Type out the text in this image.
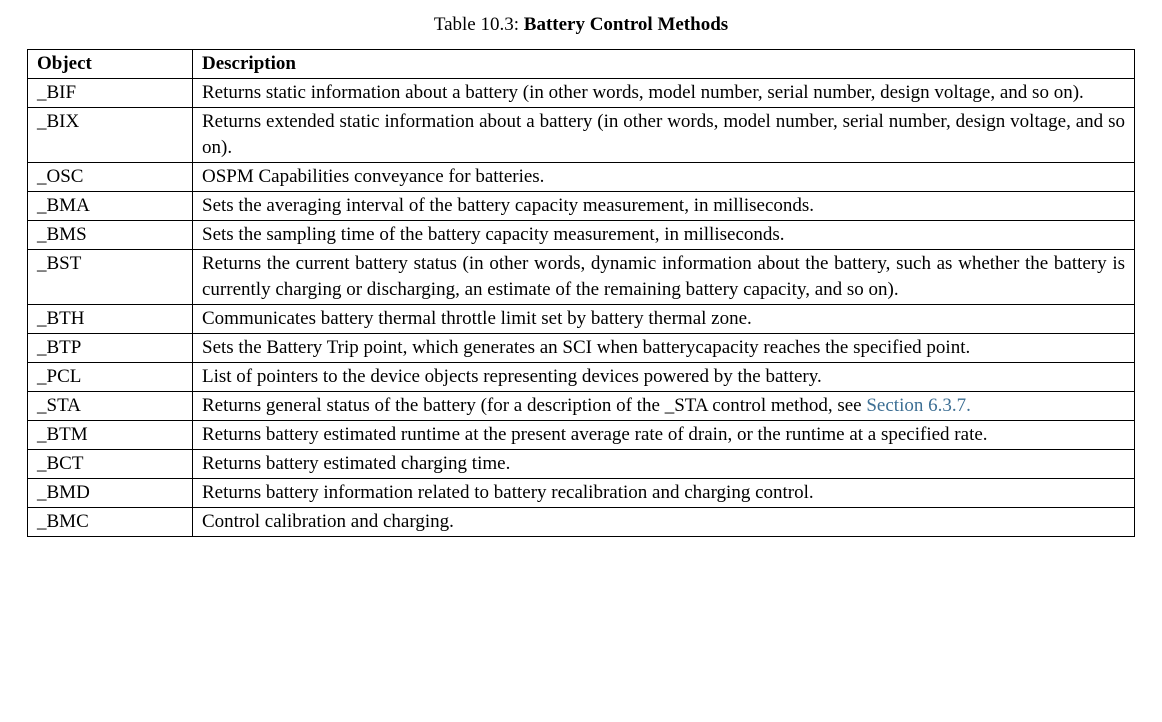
Table 10.3: Battery Control Methods
Object	Description
_BIF	Returns static information about a battery (in other words, model number, serial number, design voltage, and so on).
_BIX	Returns extended static information about a battery (in other words, model number, serial number, design voltage, and so on).
_OSC	OSPM Capabilities conveyance for batteries.
_BMA	Sets the averaging interval of the battery capacity measurement, in milliseconds.
_BMS	Sets the sampling time of the battery capacity measurement, in milliseconds.
_BST	Returns the current battery status (in other words, dynamic information about the battery, such as whether the battery is currently charging or discharging, an estimate of the remaining battery capacity, and so on).
_BTH	Communicates battery thermal throttle limit set by battery thermal zone.
_BTP	Sets the Battery Trip point, which generates an SCI when batterycapacity reaches the specified point.
_PCL	List of pointers to the device objects representing devices powered by the battery.
_STA	Returns general status of the battery (for a description of the _STA control method, see Section 6.3.7.
_BTM	Returns battery estimated runtime at the present average rate of drain, or the runtime at a specified rate.
_BCT	Returns battery estimated charging time.
_BMD	Returns battery information related to battery recalibration and charging control.
_BMC	Control calibration and charging.
